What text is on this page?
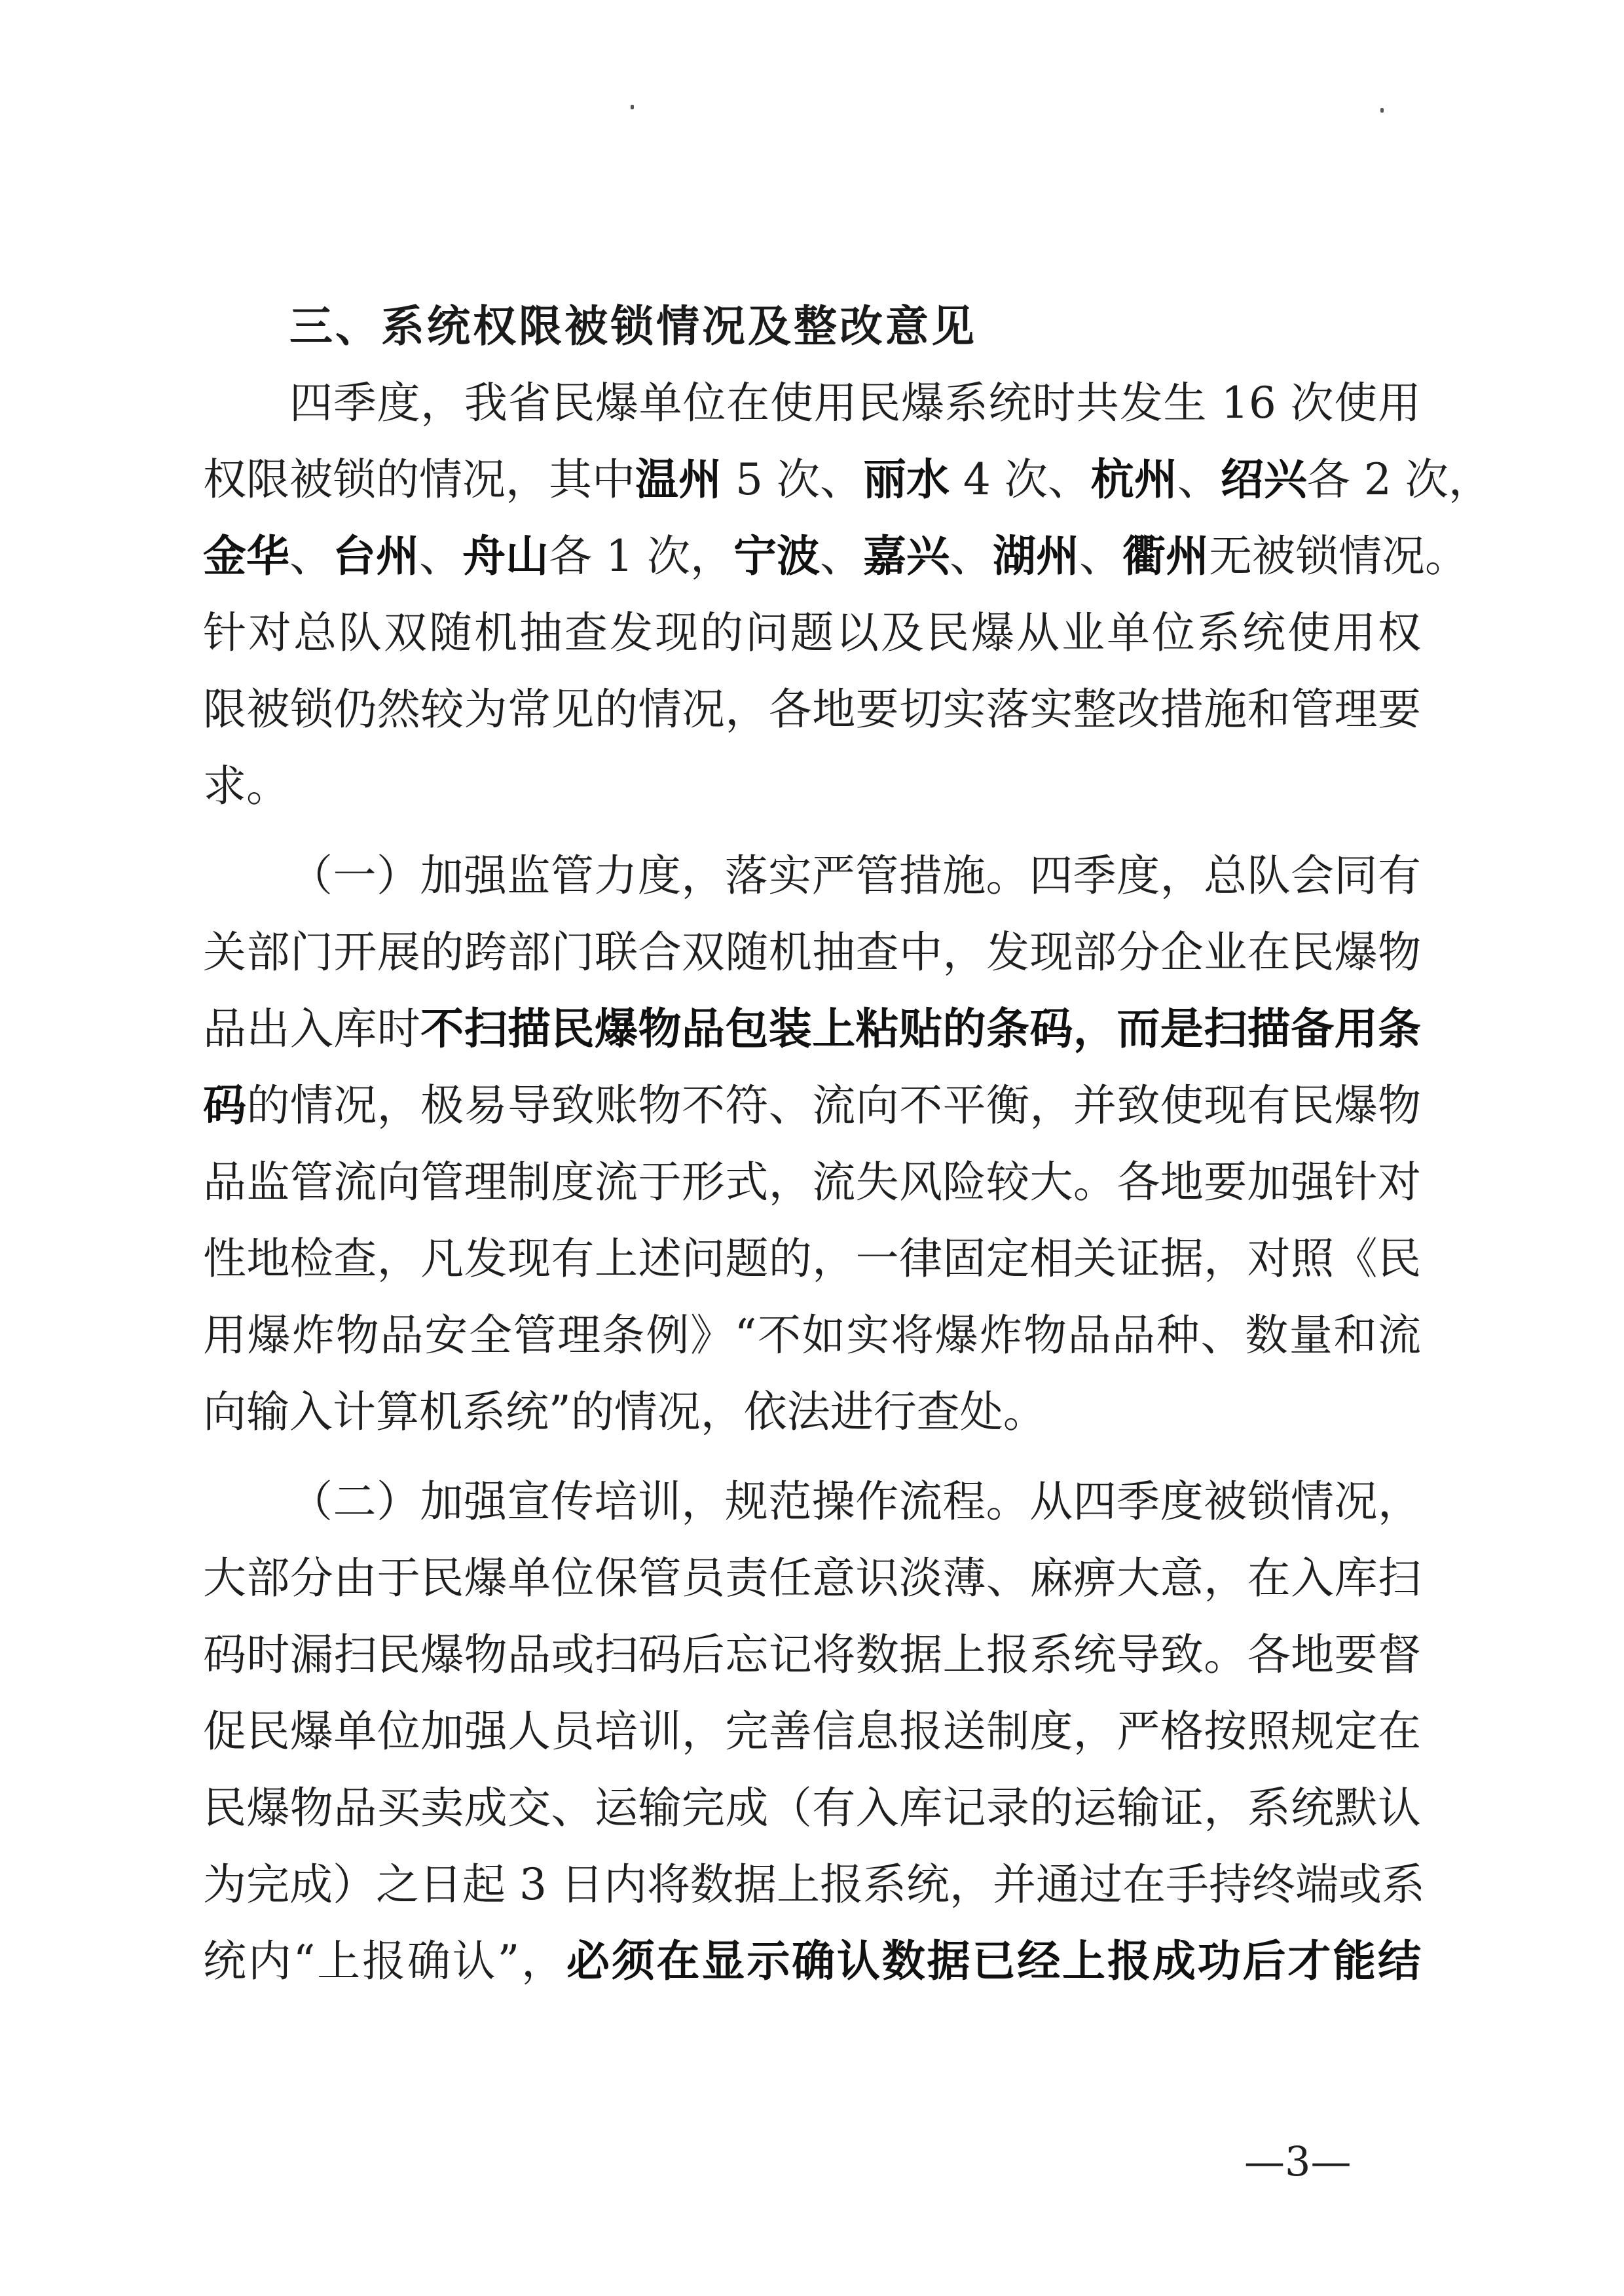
三、系统权限被锁情况及整改意见
四季度，我省民爆单位在使用民爆系统时共发生 16 次使用
权限被锁的情况，其中温州 5 次、丽水 4 次、杭州、绍兴各 2 次，
金华、台州、舟山各 1 次，宁波、嘉兴、湖州、衢州无被锁情况。
针对总队双随机抽查发现的问题以及民爆从业单位系统使用权
限被锁仍然较为常见的情况，各地要切实落实整改措施和管理要
求。
（一）加强监管力度，落实严管措施。四季度，总队会同有
关部门开展的跨部门联合双随机抽查中，发现部分企业在民爆物
品出入库时不扫描民爆物品包装上粘贴的条码，而是扫描备用条
码的情况，极易导致账物不符、流向不平衡，并致使现有民爆物
品监管流向管理制度流于形式，流失风险较大。各地要加强针对
性地检查，凡发现有上述问题的，一律固定相关证据，对照《民
用爆炸物品安全管理条例》“不如实将爆炸物品品种、数量和流
向输入计算机系统”的情况，依法进行查处。
（二）加强宣传培训，规范操作流程。从四季度被锁情况，
大部分由于民爆单位保管员责任意识淡薄、麻痹大意，在入库扫
码时漏扫民爆物品或扫码后忘记将数据上报系统导致。各地要督
促民爆单位加强人员培训，完善信息报送制度，严格按照规定在
民爆物品买卖成交、运输完成（有入库记录的运输证，系统默认
为完成）之日起 3 日内将数据上报系统，并通过在手持终端或系
统内“上报确认”，必须在显示确认数据已经上报成功后才能结
—3—
